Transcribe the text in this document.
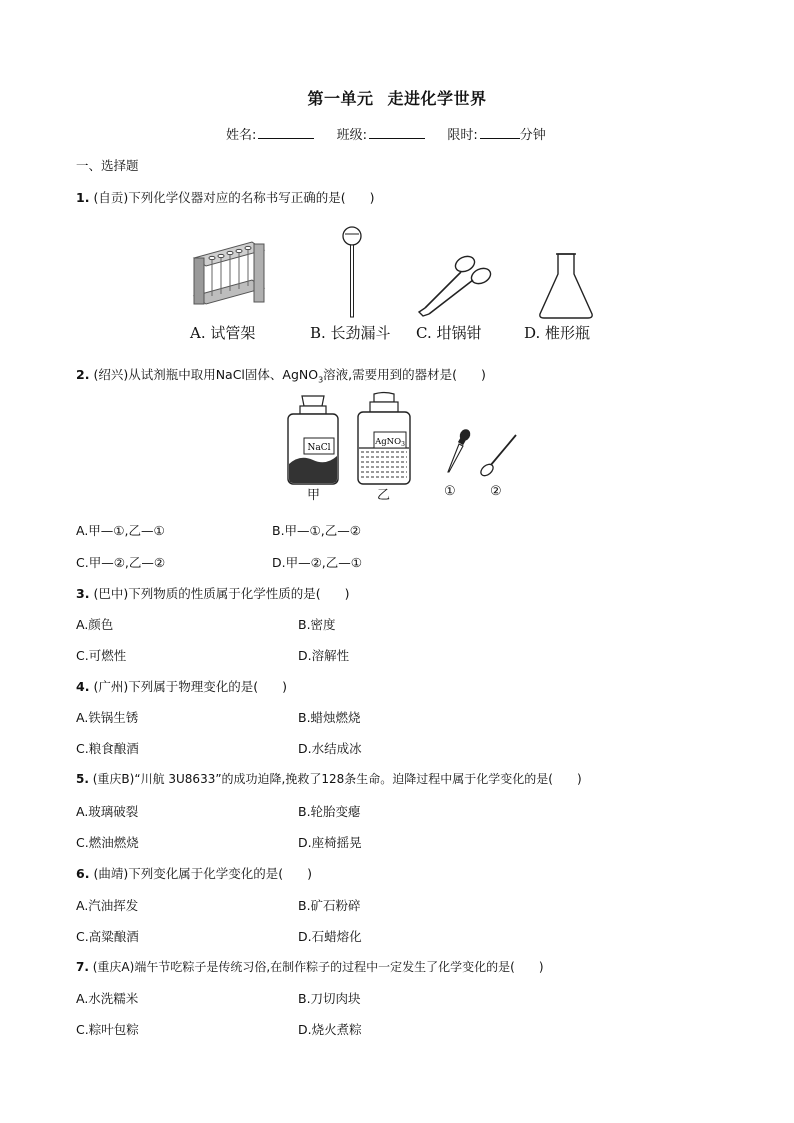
第一单元 走进化学世界
姓名:	班级:	限时:	分钟
一、选择题
1. (自贡)下列化学仪器对应的名称书写正确的是( )
A. 试管架	B. 长劲漏斗 C. 坩锅钳	D. 椎形瓶
2. (绍兴)从试剂瓶中取用NaCl固体、AgNO$_3$溶液,需要用到的器材是( )
NaCl
甲
AgNO$_3$
乙	①	②
A.甲—①,乙—①	B.甲—①,乙—②
C.甲—②,乙—②	D.甲—②,乙—①
3. (巴中)下列物质的性质属于化学性质的是( )
A.颜色	B.密度
C.可燃性	D.溶解性
4. (广州)下列属于物理变化的是( )
A.铁锅生锈	B.蜡烛燃烧
C.粮食酿酒	D.水结成冰
5. (重庆B)“川航 3U8633”的成功迫降,挽救了128条生命。迫降过程中属于化学变化的是( )
A.玻璃破裂	B.轮胎变瘪
C.燃油燃烧	D.座椅摇晃
6. (曲靖)下列变化属于化学变化的是( )
A.汽油挥发	B.矿石粉碎
C.高粱酿酒	D.石蜡熔化
7. (重庆A)端午节吃粽子是传统习俗,在制作粽子的过程中一定发生了化学变化的是( )
A.水洗糯米	B.刀切肉块
C.粽叶包粽	D.烧火煮粽
